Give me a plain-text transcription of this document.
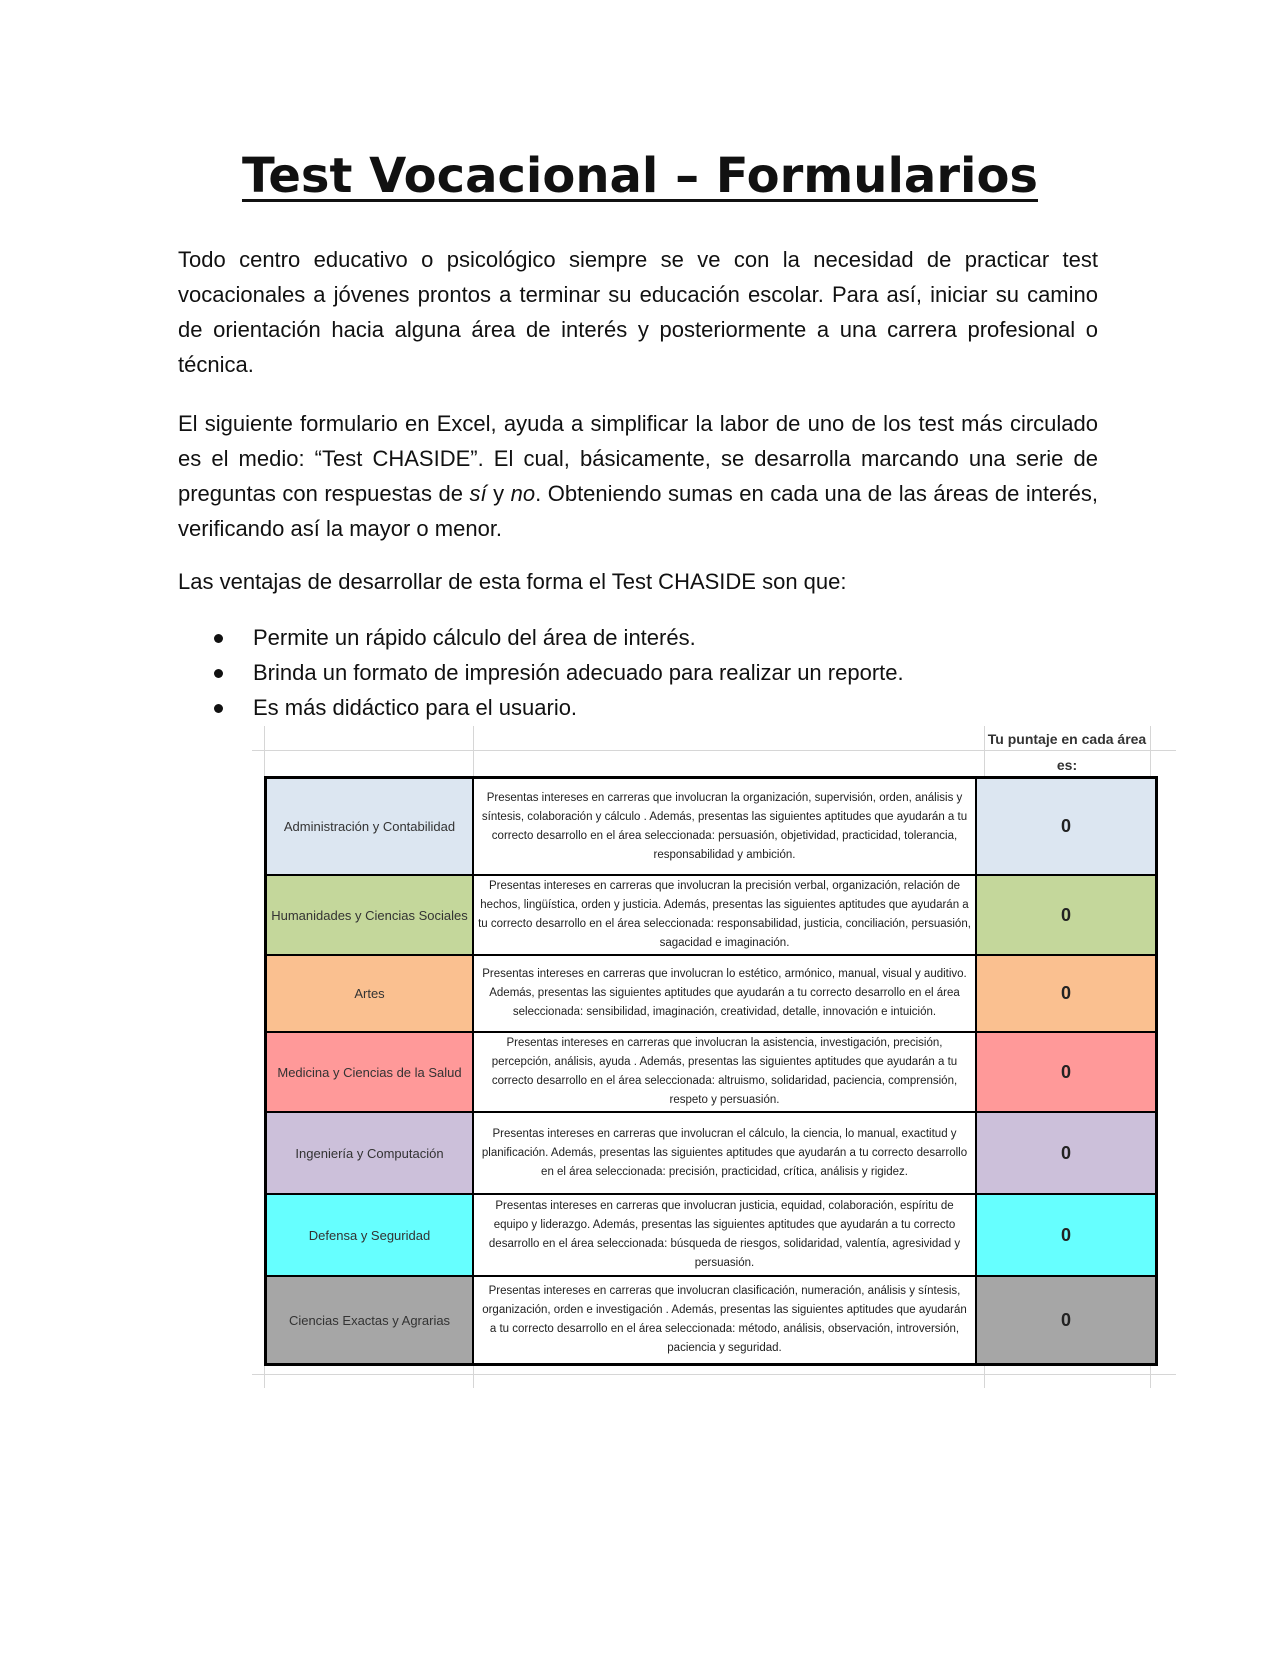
Test Vocacional – Formularios

Todo centro educativo o psicológico siempre se ve con la necesidad de practicar test vocacionales a jóvenes prontos a terminar su educación escolar. Para así, iniciar su camino de orientación hacia alguna área de interés y posteriormente a una carrera profesional o técnica.

El siguiente formulario en Excel, ayuda a simplificar la labor de uno de los test más circulado es el medio: “Test CHASIDE”. El cual, básicamente, se desarrolla marcando una serie de preguntas con respuestas de sí y no. Obteniendo sumas en cada una de las áreas de interés, verificando así la mayor o menor.

Las ventajas de desarrollar de esta forma el Test CHASIDE son que:

Permite un rápido cálculo del área de interés.
Brinda un formato de impresión adecuado para realizar un reporte.
Es más didáctico para el usuario.
Tu puntaje en cada área es:
Administración y Contabilidad
Presentas intereses en carreras que involucran la organización, supervisión, orden, análisis y síntesis, colaboración y cálculo . Además, presentas las siguientes aptitudes que ayudarán a tu correcto desarrollo en el área seleccionada: persuasión, objetividad, practicidad, tolerancia, responsabilidad y ambición.
0
Humanidades y Ciencias Sociales
Presentas intereses en carreras que involucran la precisión verbal, organización, relación de hechos, lingüística, orden y justicia. Además, presentas las siguientes aptitudes que ayudarán a tu correcto desarrollo en el área seleccionada: responsabilidad, justicia, conciliación, persuasión, sagacidad e imaginación.
0
Artes
Presentas intereses en carreras que involucran lo estético, armónico, manual, visual y auditivo. Además, presentas las siguientes aptitudes que ayudarán a tu correcto desarrollo en el área seleccionada: sensibilidad, imaginación, creatividad, detalle, innovación e intuición.
0
Medicina y Ciencias de la Salud
Presentas intereses en carreras que involucran la asistencia, investigación, precisión, percepción, análisis, ayuda . Además, presentas las siguientes aptitudes que ayudarán a tu correcto desarrollo en el área seleccionada: altruismo, solidaridad, paciencia, comprensión, respeto y persuasión.
0
Ingeniería y Computación
Presentas intereses en carreras que involucran el cálculo, la ciencia, lo manual, exactitud y planificación. Además, presentas las siguientes aptitudes que ayudarán a tu correcto desarrollo en el área seleccionada: precisión, practicidad, crítica, análisis y rigidez.
0
Defensa y Seguridad
Presentas intereses en carreras que involucran justicia, equidad, colaboración, espíritu de equipo y liderazgo. Además, presentas las siguientes aptitudes que ayudarán a tu correcto desarrollo en el área seleccionada: búsqueda de riesgos, solidaridad, valentía, agresividad y persuasión.
0
Ciencias Exactas y Agrarias
Presentas intereses en carreras que involucran clasificación, numeración, análisis y síntesis, organización, orden e investigación . Además, presentas las siguientes aptitudes que ayudarán a tu correcto desarrollo en el área seleccionada: método, análisis, observación, introversión, paciencia y seguridad.
0
